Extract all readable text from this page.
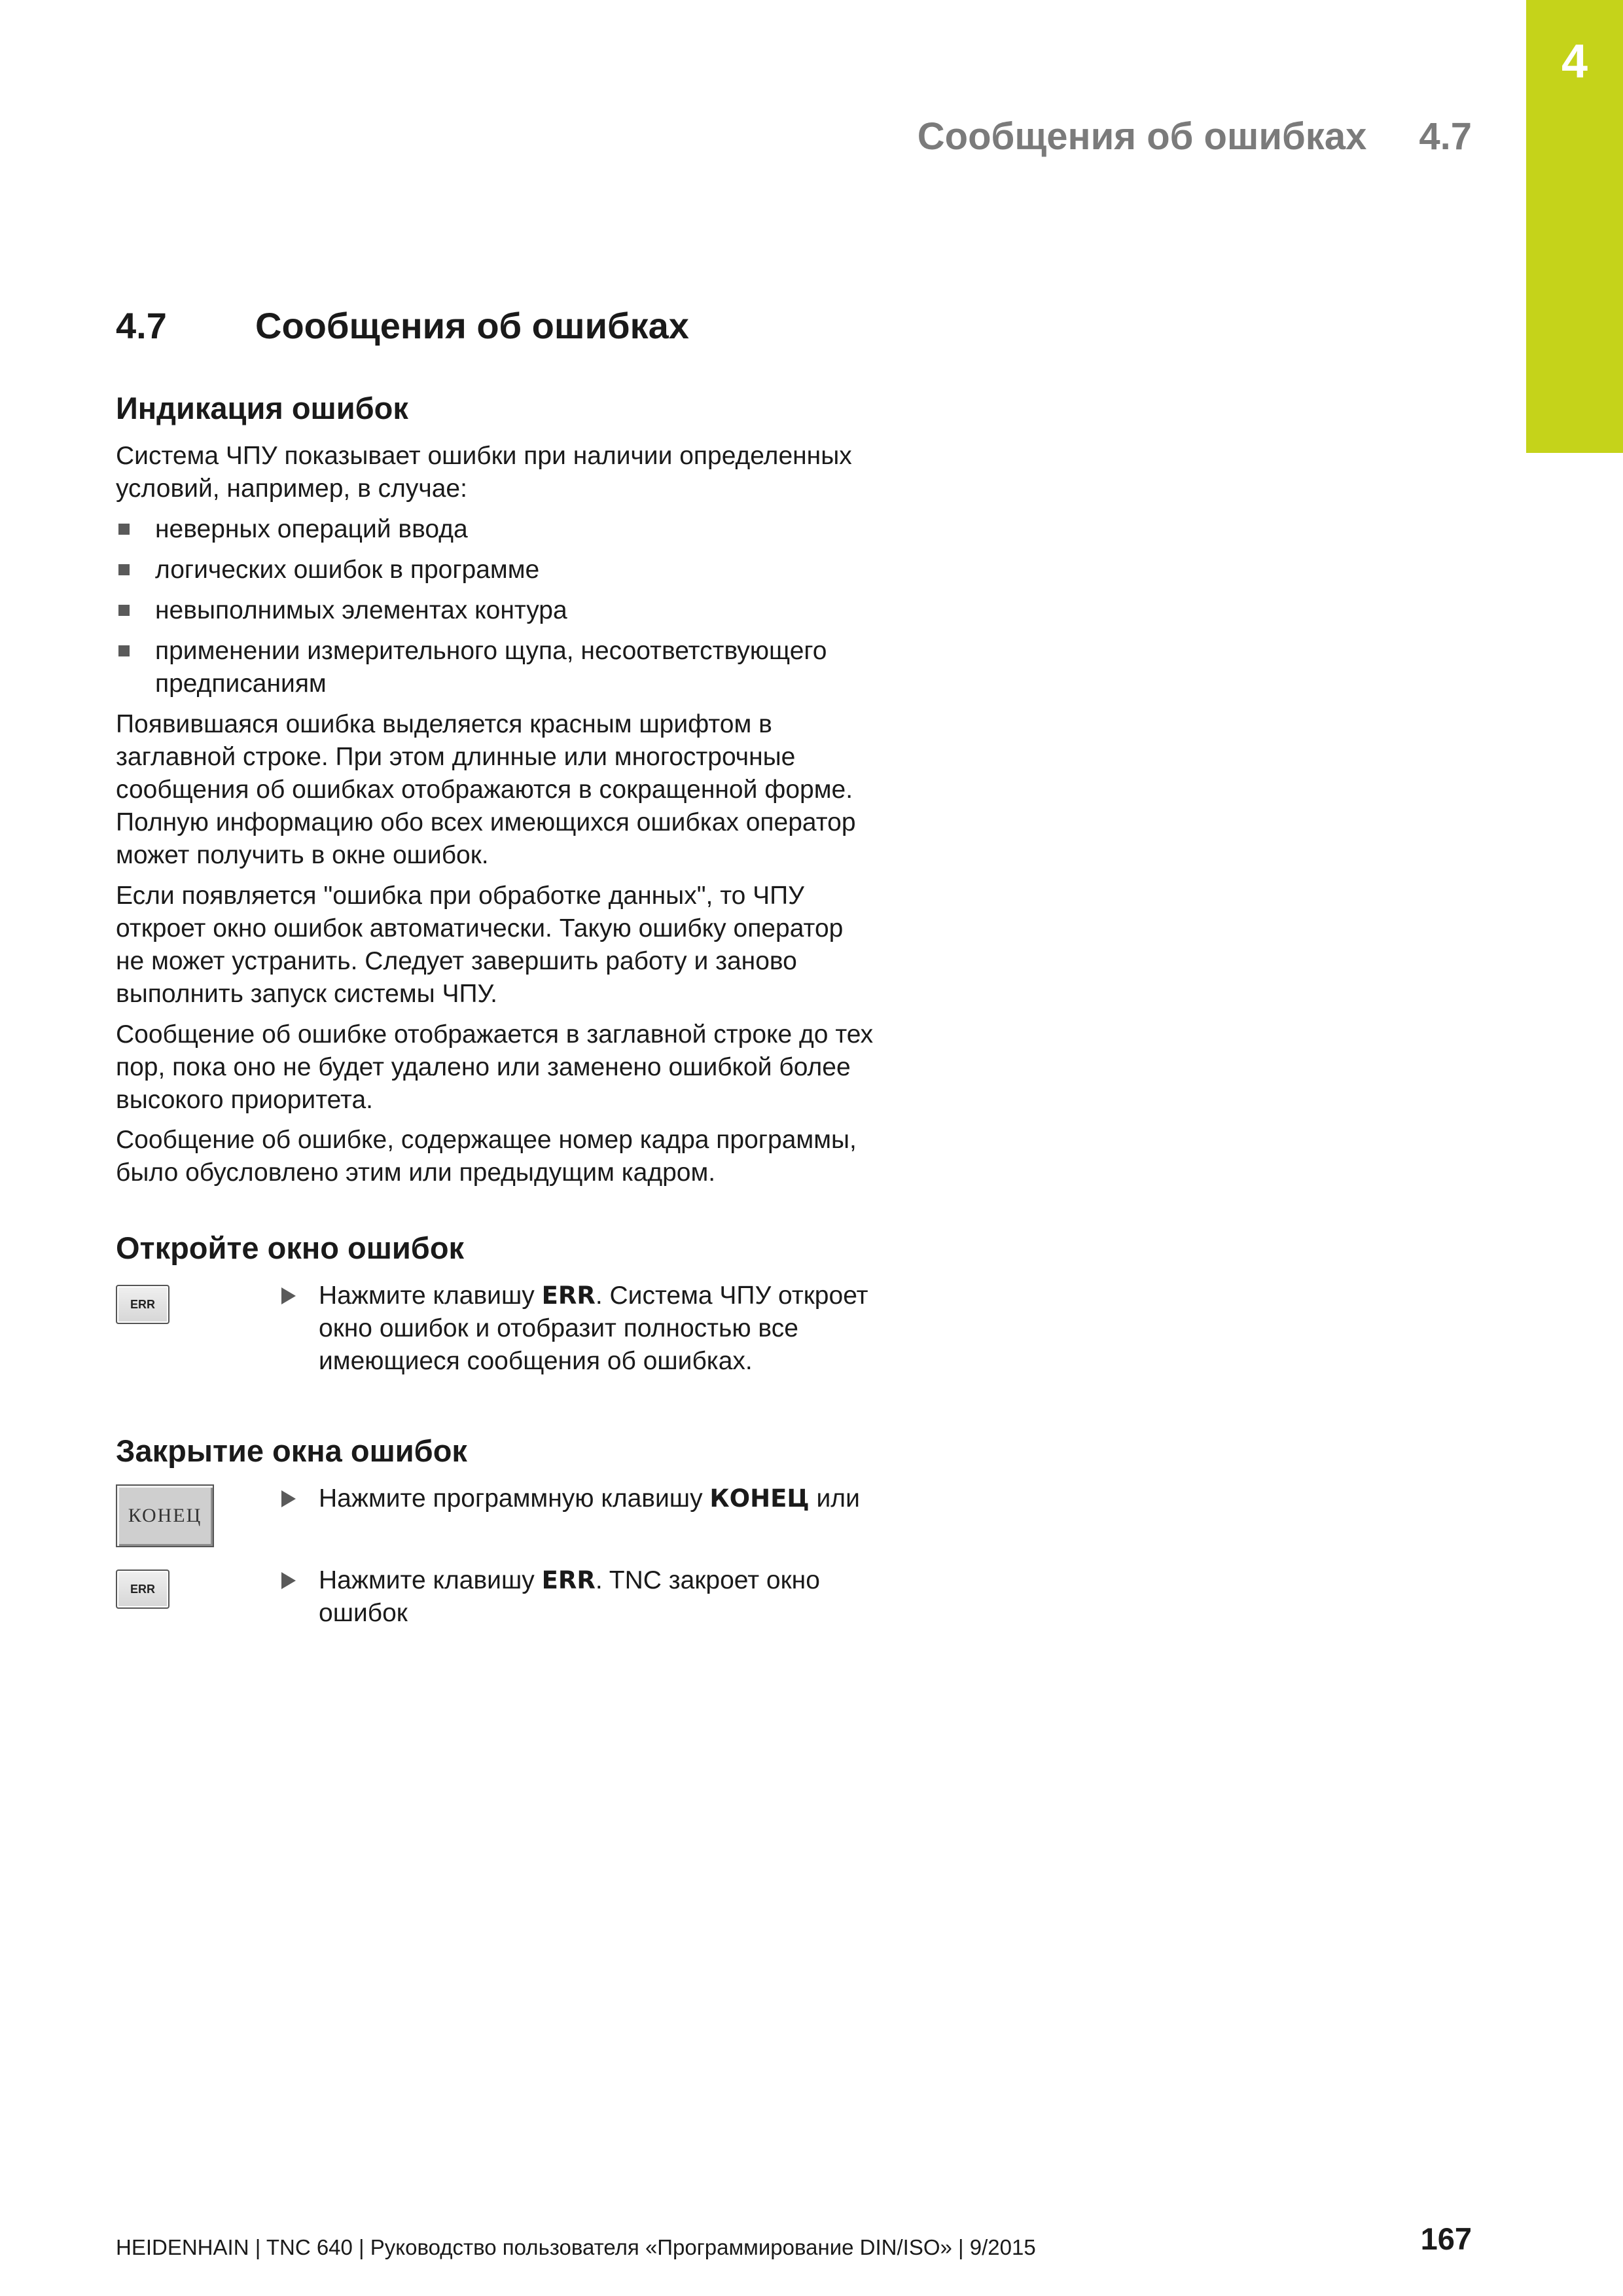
4
Сообщения об ошибках 4.7
4.7 Сообщения об ошибках
Индикация ошибок

Система ЧПУ показывает ошибки при наличии определенных
условий, например, в случае:

неверных операций ввода
логических ошибок в программе
невыполнимых элементах контура
применении измерительного щупа, несоответствующего
предписаниям

Появившаяся ошибка выделяется красным шрифтом в
заглавной строке. При этом длинные или многострочные
сообщения об ошибках отображаются в сокращенной форме.
Полную информацию обо всех имеющихся ошибках оператор
может получить в окне ошибок.

Если появляется "ошибка при обработке данных", то ЧПУ
откроет окно ошибок автоматически. Такую ошибку оператор
не может устранить. Следует завершить работу и заново
выполнить запуск системы ЧПУ.

Сообщение об ошибке отображается в заглавной строке до тех
пор, пока оно не будет удалено или заменено ошибкой более
высокого приоритета.

Сообщение об ошибке, содержащее номер кадра программы,
было обусловлено этим или предыдущим кадром.

Откройте окно ошибок
ERR	Нажмите клавишу ERR. Система ЧПУ откроет
окно ошибок и отобразит полностью все
имеющиеся сообщения об ошибках.
Закрытие окна ошибок
КОНЕЦ
Нажмите программную клавишу КОНЕЦ или
ERR	Нажмите клавишу ERR. TNC закроет окно
ошибок
HEIDENHAIN | TNC 640 | Руководство пользователя «Программирование DIN/ISO» | 9/2015	167
